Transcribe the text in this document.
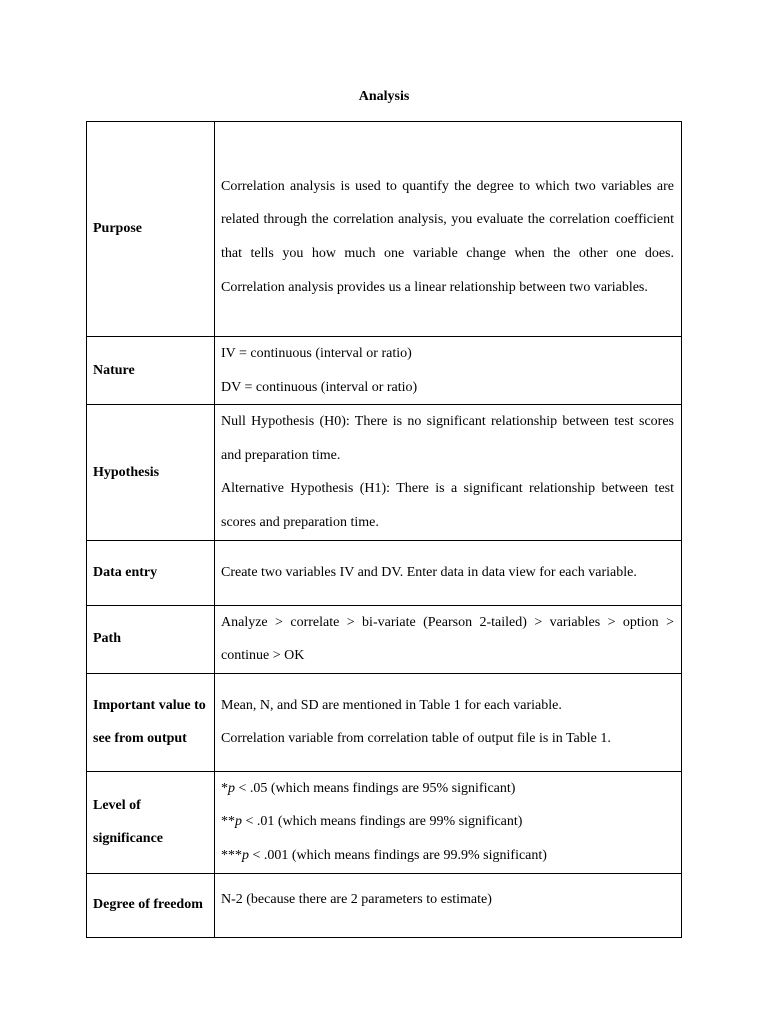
Analysis
Purpose	Correlation analysis is used to quantify the degree to which two variables are related through the correlation analysis, you evaluate the correlation coefficient that tells you how much one variable change when the other one does. Correlation analysis provides us a linear relationship between two variables.
Nature	IV = continuous (interval or ratio)
DV = continuous (interval or ratio)

Hypothesis	Null Hypothesis (H0): There is no significant relationship between test scores and preparation time.
Alternative Hypothesis (H1): There is a significant relationship between test scores and preparation time.

Data entry	Create two variables IV and DV. Enter data in data view for each variable.
Path	Analyze > correlate > bi-variate (Pearson 2-tailed) > variables > option > continue > OK
Important value to see from output	Mean, N, and SD are mentioned in Table 1 for each variable.
Correlation variable from correlation table of output file is in Table 1.

Level of significance	*p < .05 (which means findings are 95% significant)
**p < .01 (which means findings are 99% significant)
***p < .001 (which means findings are 99.9% significant)

Degree of freedom	N-2 (because there are 2 parameters to estimate)
